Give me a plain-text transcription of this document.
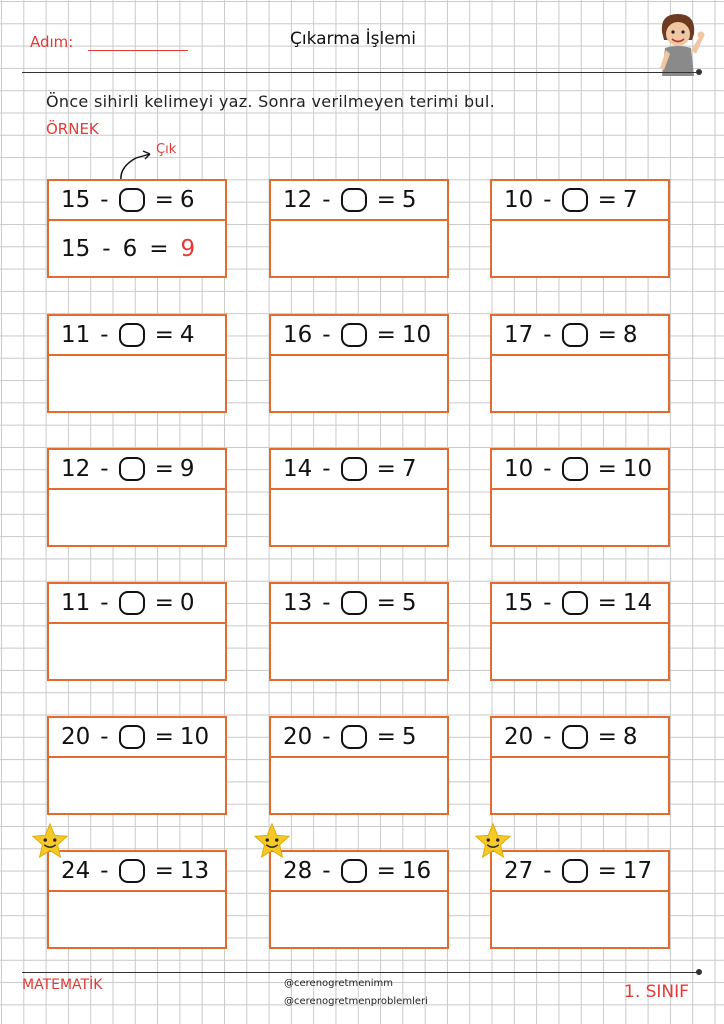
Adım:	Çıkarma İşlemi
Önce sihirli kelimeyi yaz. Sonra verilmeyen terimi bul.
ÖRNEK
Çık
15 - = 6
15 - 6 = 9
12 - = 5	10 - = 7
11 - = 4	16 - = 10	17 - = 8
12 - = 9	14 - = 7	10 - = 10
11 - = 0	13 - = 5	15 - = 14
20 - = 10	20 - = 5	20 - = 8
24 - = 13	28 - = 16	27 - = 17
MATEMATİK	@cerenogretmenimm
@cerenogretmenproblemleri	1. SINIF
